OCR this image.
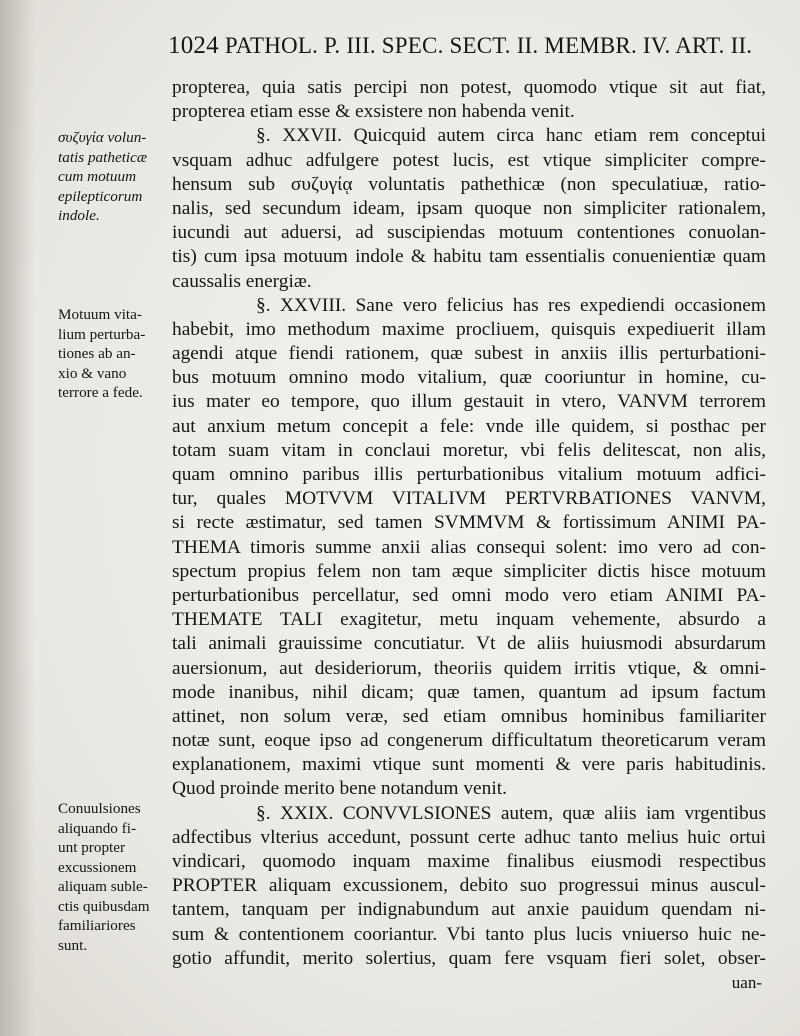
1024 PATHOL. P. III. SPEC. SECT. II. MEMBR. IV. ART. II.
συζυγία volun-
tatis patheticæ
cum motuum
epilepticorum
indole.
Motuum vita-
lium perturba-
tiones ab an-
xio & vano
terrore a fede.
Conuulsiones
aliquando fi-
unt propter
excussionem
aliquam suble-
ctis quibusdam
familiariores
sunt.
propterea, quia satis percipi non potest, quomodo vtique sit aut fiat,
propterea etiam esse & exsistere non habenda venit.
§. XXVII. Quicquid autem circa hanc etiam rem conceptui
vsquam adhuc adfulgere potest lucis, est vtique simpliciter compre-
hensum sub συζυγίᾳ voluntatis pathethicæ (non speculatiuæ, ratio-
nalis, sed secundum ideam, ipsam quoque non simpliciter rationalem,
iucundi aut aduersi, ad suscipiendas motuum contentiones conuolan-
tis) cum ipsa motuum indole & habitu tam essentialis conuenientiæ quam
caussalis energiæ.
§. XXVIII. Sane vero felicius has res expediendi occasionem
habebit, imo methodum maxime procliuem, quisquis expediuerit illam
agendi atque fiendi rationem, quæ subest in anxiis illis perturbationi-
bus motuum omnino modo vitalium, quæ cooriuntur in homine, cu-
ius mater eo tempore, quo illum gestauit in vtero, VANVM terrorem
aut anxium metum concepit a fele: vnde ille quidem, si posthac per
totam suam vitam in conclaui moretur, vbi felis delitescat, non alis,
quam omnino paribus illis perturbationibus vitalium motuum adfici-
tur, quales MOTVVM VITALIVM PERTVRBATIONES VANVM,
si recte æstimatur, sed tamen SVMMVM & fortissimum ANIMI PA-
THEMA timoris summe anxii alias consequi solent: imo vero ad con-
spectum propius felem non tam æque simpliciter dictis hisce motuum
perturbationibus percellatur, sed omni modo vero etiam ANIMI PA-
THEMATE TALI exagitetur, metu inquam vehemente, absurdo a
tali animali grauissime concutiatur. Vt de aliis huiusmodi absurdarum
auersionum, aut desideriorum, theoriis quidem irritis vtique, & omni-
mode inanibus, nihil dicam; quæ tamen, quantum ad ipsum factum
attinet, non solum veræ, sed etiam omnibus hominibus familiariter
notæ sunt, eoque ipso ad congenerum difficultatum theoreticarum veram
explanationem, maximi vtique sunt momenti & vere paris habitudinis.
Quod proinde merito bene notandum venit.
§. XXIX. CONVVLSIONES autem, quæ aliis iam vrgentibus
adfectibus vlterius accedunt, possunt certe adhuc tanto melius huic ortui
vindicari, quomodo inquam maxime finalibus eiusmodi respectibus
PROPTER aliquam excussionem, debito suo progressui minus auscul-
tantem, tanquam per indignabundum aut anxie pauidum quendam ni-
sum & contentionem cooriantur. Vbi tanto plus lucis vniuerso huic ne-
gotio affundit, merito solertius, quam fere vsquam fieri solet, obser-
uan-
